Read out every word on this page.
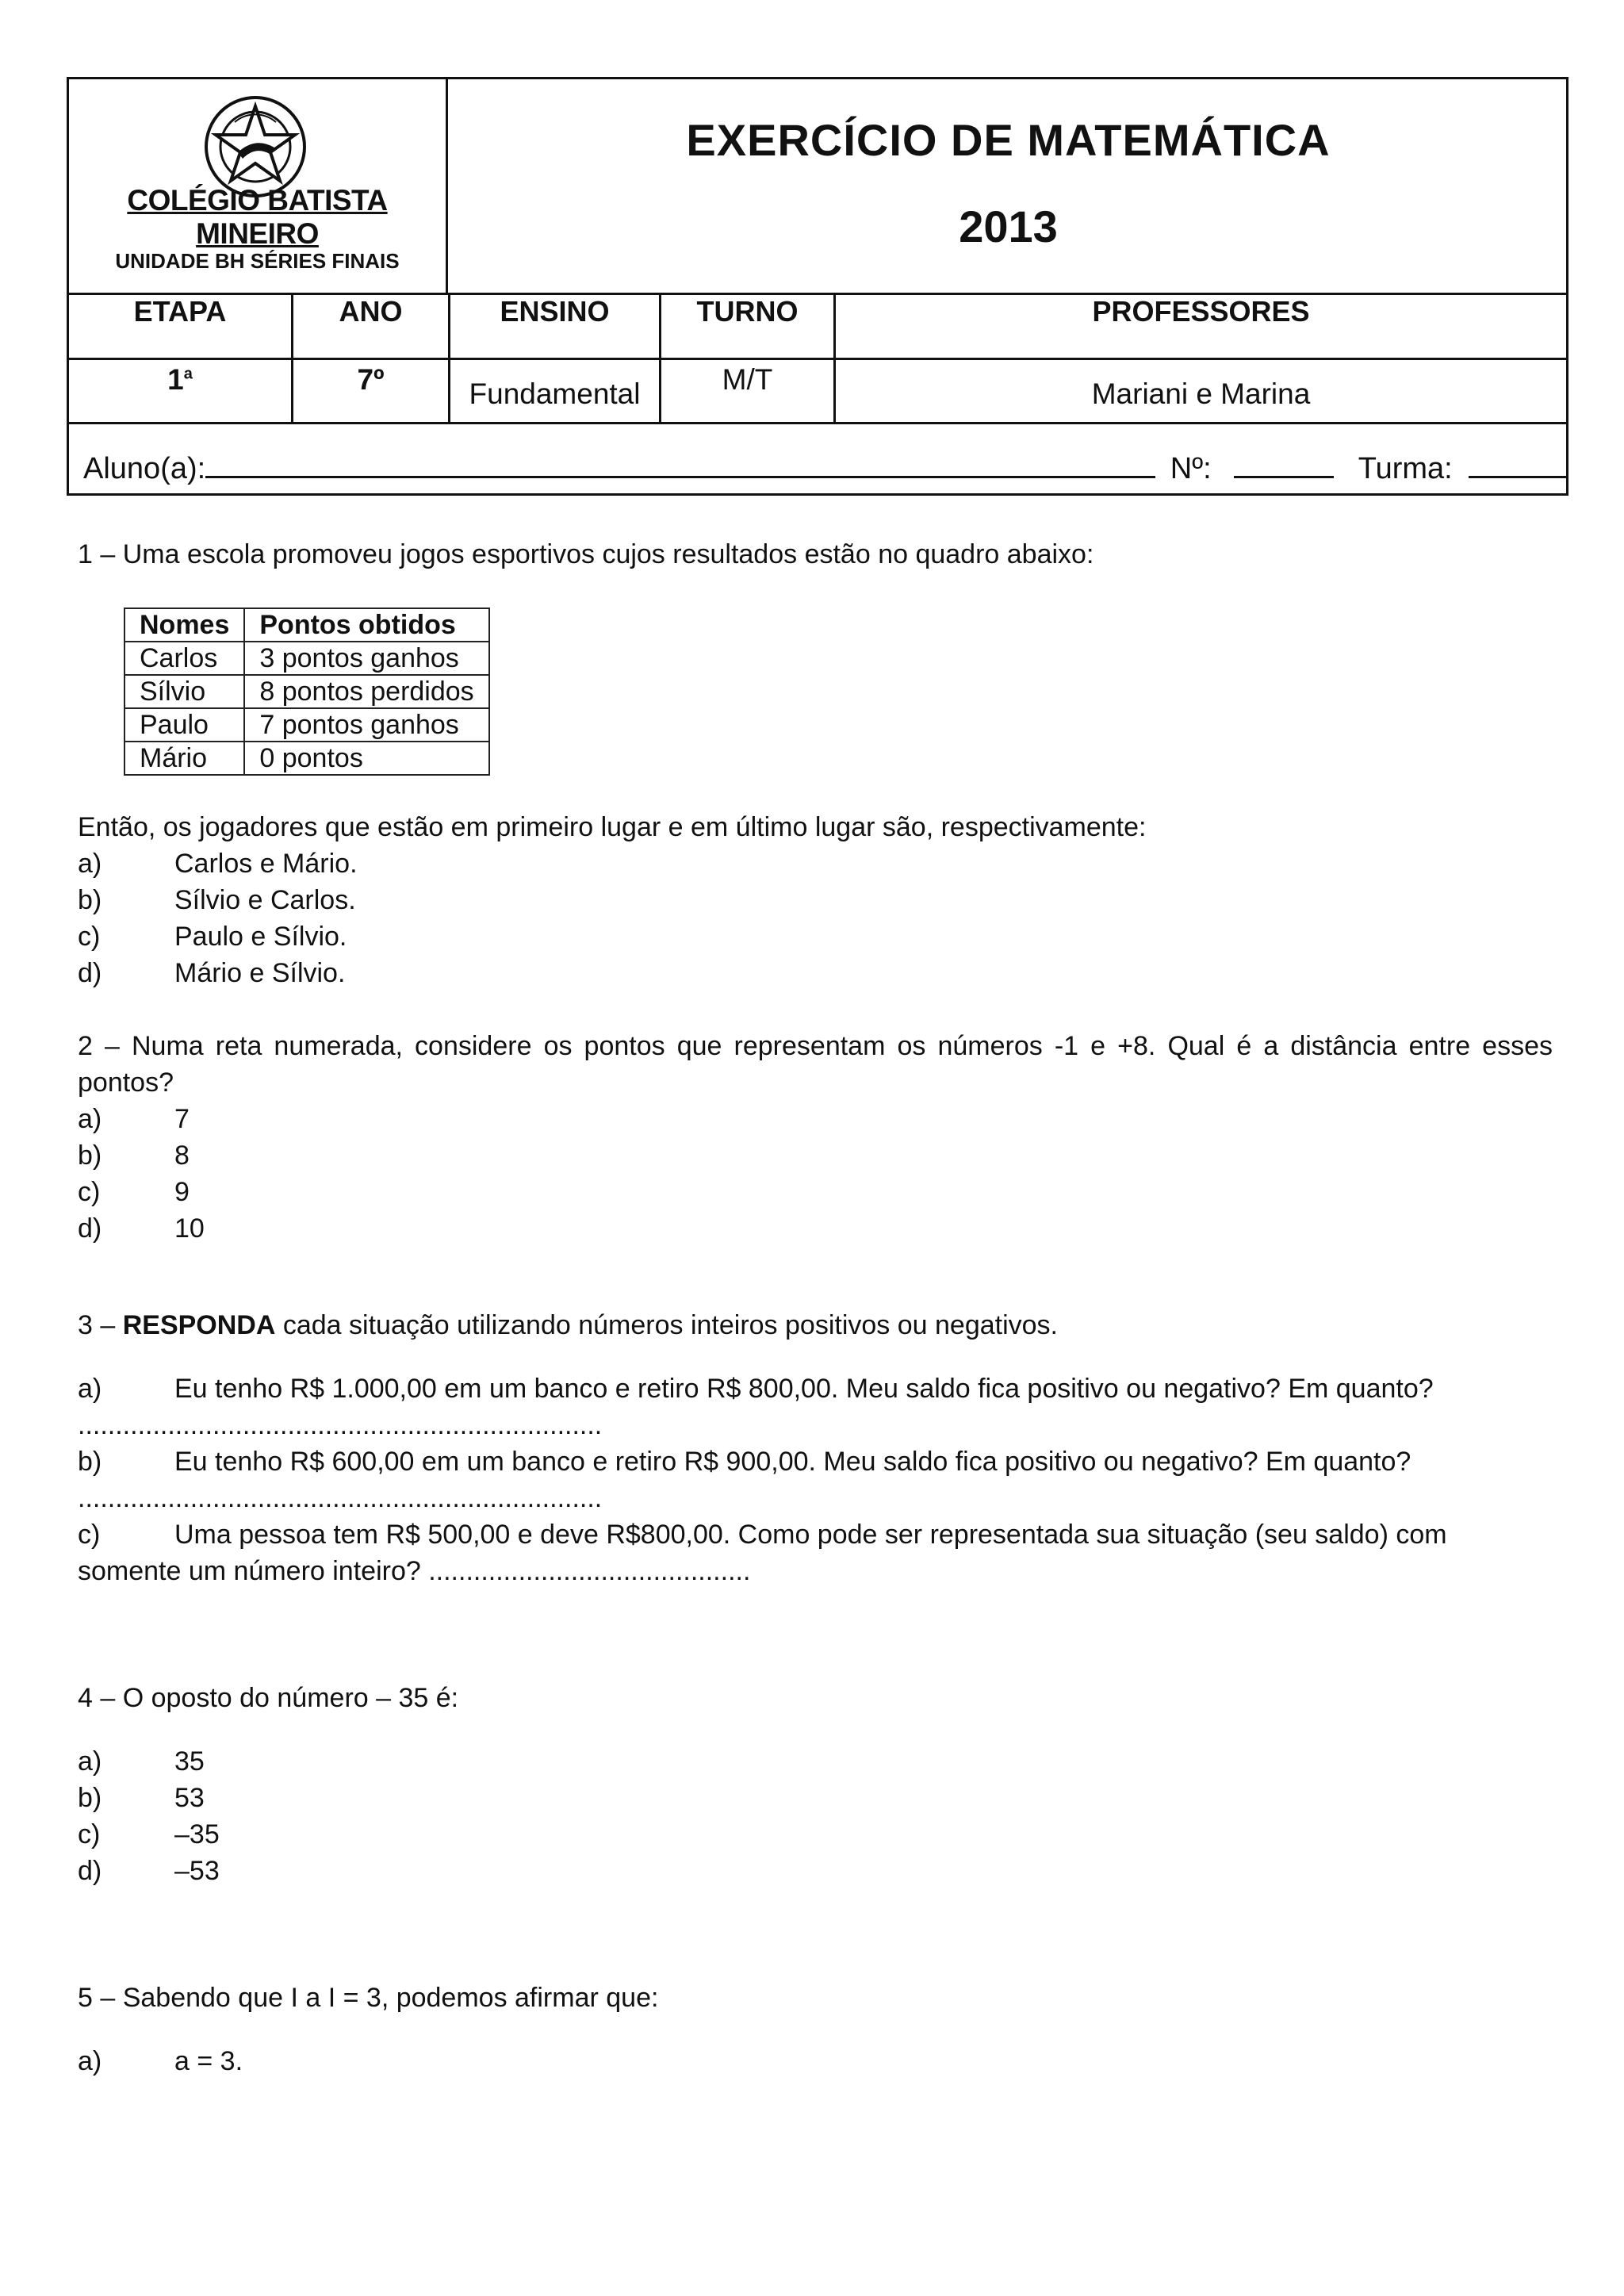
COLÉGIO BATISTA MINEIRO
UNIDADE BH SÉRIES FINAIS
EXERCÍCIO DE MATEMÁTICA
2013
ETAPA	ANO	ENSINO	TURNO	PROFESSORES
1$^a$	7º	Fundamental	M/T	Mariani e Marina
Aluno(a):	Nº:	Turma:
1 – Uma escola promoveu jogos esportivos cujos resultados estão no quadro abaixo:
Nomes	Pontos obtidos
Carlos	3 pontos ganhos
Sílvio	8 pontos perdidos
Paulo	7 pontos ganhos
Mário	0 pontos
Então, os jogadores que estão em primeiro lugar e em último lugar são, respectivamente:
a)	Carlos e Mário.
b)	Sílvio e Carlos.
c)	Paulo e Sílvio.
d)	Mário e Sílvio.
2 – Numa reta numerada, considere os pontos que representam os números -1 e +8. Qual é a distância entre esses
pontos?
a)	7
b)	8
c)	9
d)	10
3 – RESPONDA cada situação utilizando números inteiros positivos ou negativos.
a)	Eu tenho R$ 1.000,00 em um banco e retiro R$ 800,00. Meu saldo fica positivo ou negativo? Em quanto?
......................................................................
b)	Eu tenho R$ 600,00 em um banco e retiro R$ 900,00. Meu saldo fica positivo ou negativo? Em quanto?
......................................................................
c)	Uma pessoa tem R$ 500,00 e deve R$800,00. Como pode ser representada sua situação (seu saldo) com
somente um número inteiro? ...........................................
4 – O oposto do número – 35 é:
a)	35
b)	53
c)	–35
d)	–53
5 – Sabendo que I a I = 3, podemos afirmar que:
a)	a = 3.
